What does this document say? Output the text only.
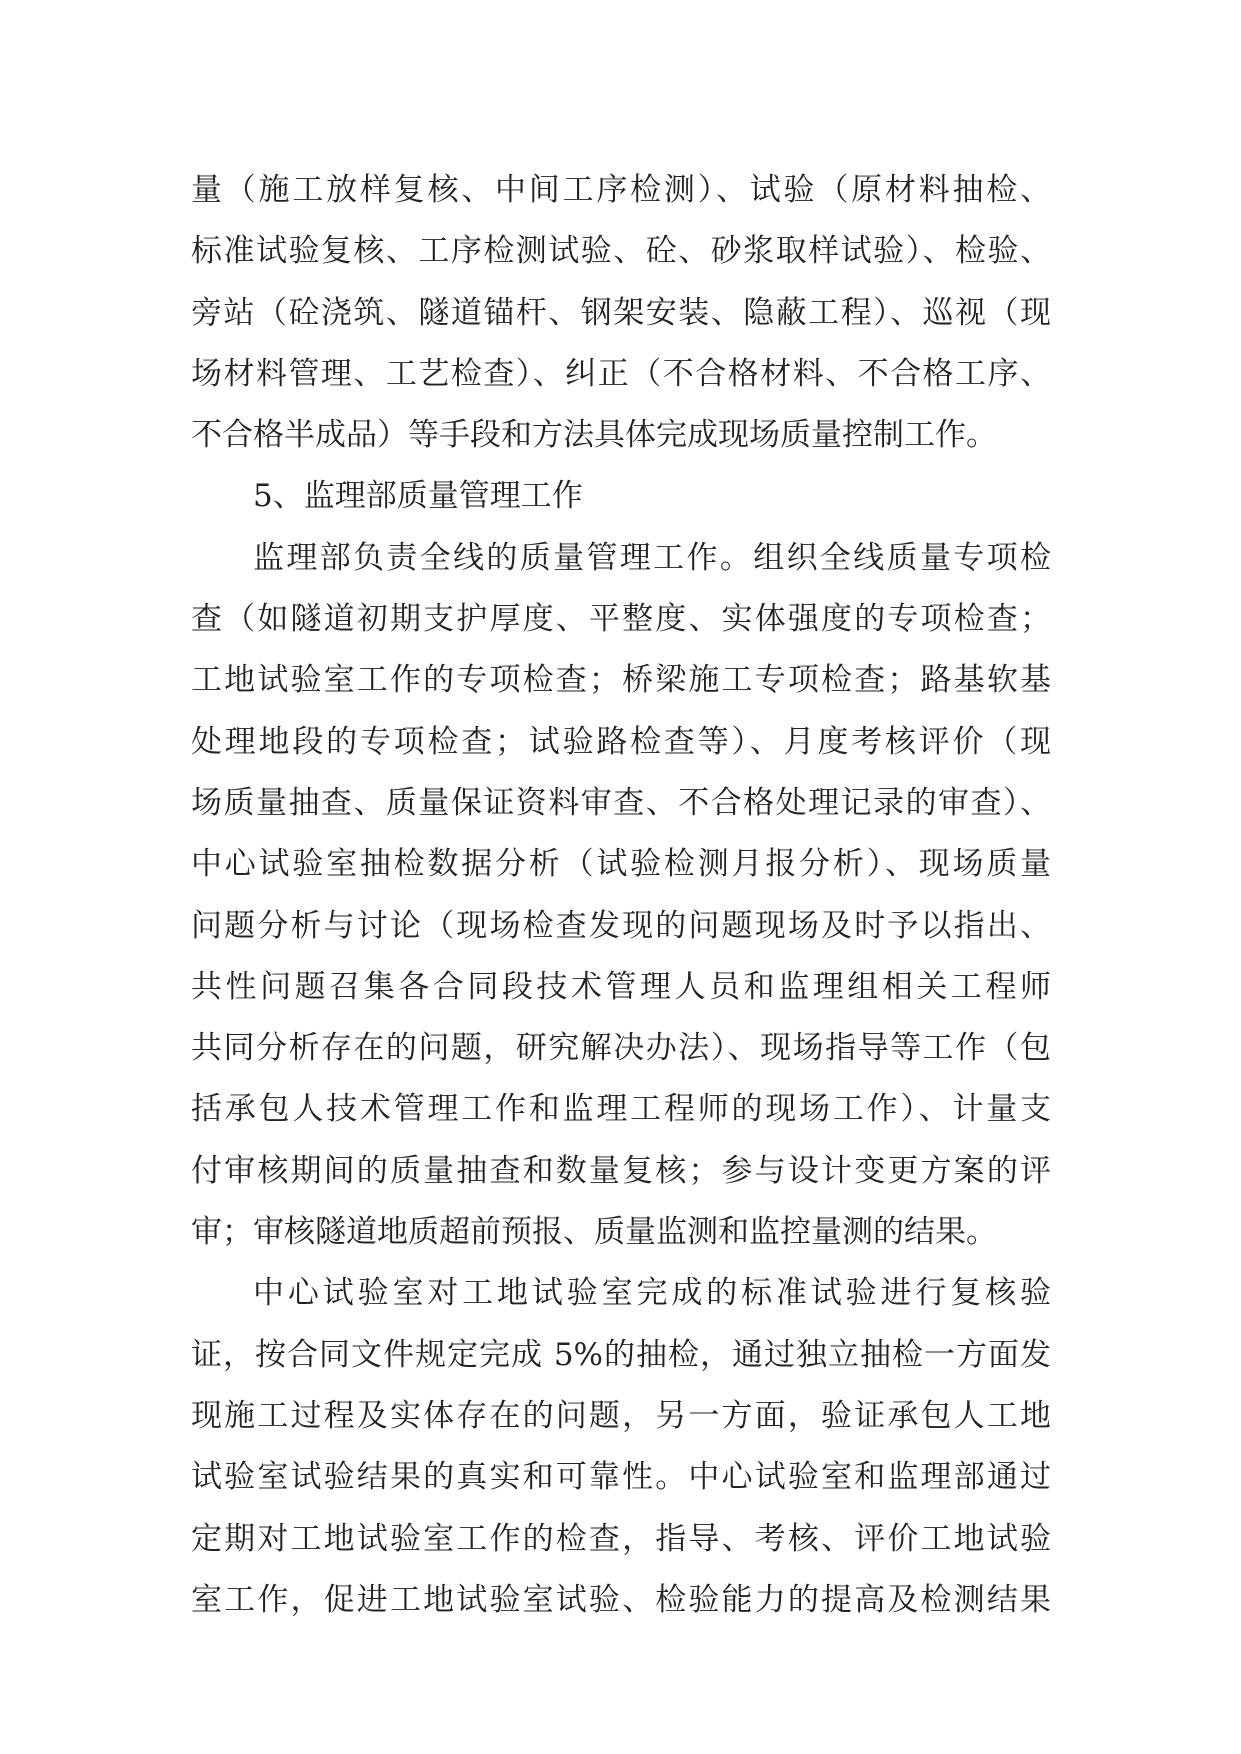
量（施工放样复核、中间工序检测）、试验（原材料抽检、
标准试验复核、工序检测试验、砼、砂浆取样试验）、检验、
旁站（砼浇筑、隧道锚杆、钢架安装、隐蔽工程）、巡视（现
场材料管理、工艺检查）、纠正（不合格材料、不合格工序、
不合格半成品）等手段和方法具体完成现场质量控制工作。
5、监理部质量管理工作
监理部负责全线的质量管理工作。组织全线质量专项检
查（如隧道初期支护厚度、平整度、实体强度的专项检查；
工地试验室工作的专项检查；桥梁施工专项检查；路基软基
处理地段的专项检查；试验路检查等）、月度考核评价（现
场质量抽查、质量保证资料审查、不合格处理记录的审查）、
中心试验室抽检数据分析（试验检测月报分析）、现场质量
问题分析与讨论（现场检查发现的问题现场及时予以指出、
共性问题召集各合同段技术管理人员和监理组相关工程师
共同分析存在的问题，研究解决办法）、现场指导等工作（包
括承包人技术管理工作和监理工程师的现场工作）、计量支
付审核期间的质量抽查和数量复核；参与设计变更方案的评
审；审核隧道地质超前预报、质量监测和监控量测的结果。
中心试验室对工地试验室完成的标准试验进行复核验
证，按合同文件规定完成 5%的抽检，通过独立抽检一方面发
现施工过程及实体存在的问题，另一方面，验证承包人工地
试验室试验结果的真实和可靠性。中心试验室和监理部通过
定期对工地试验室工作的检查，指导、考核、评价工地试验
室工作，促进工地试验室试验、检验能力的提高及检测结果
